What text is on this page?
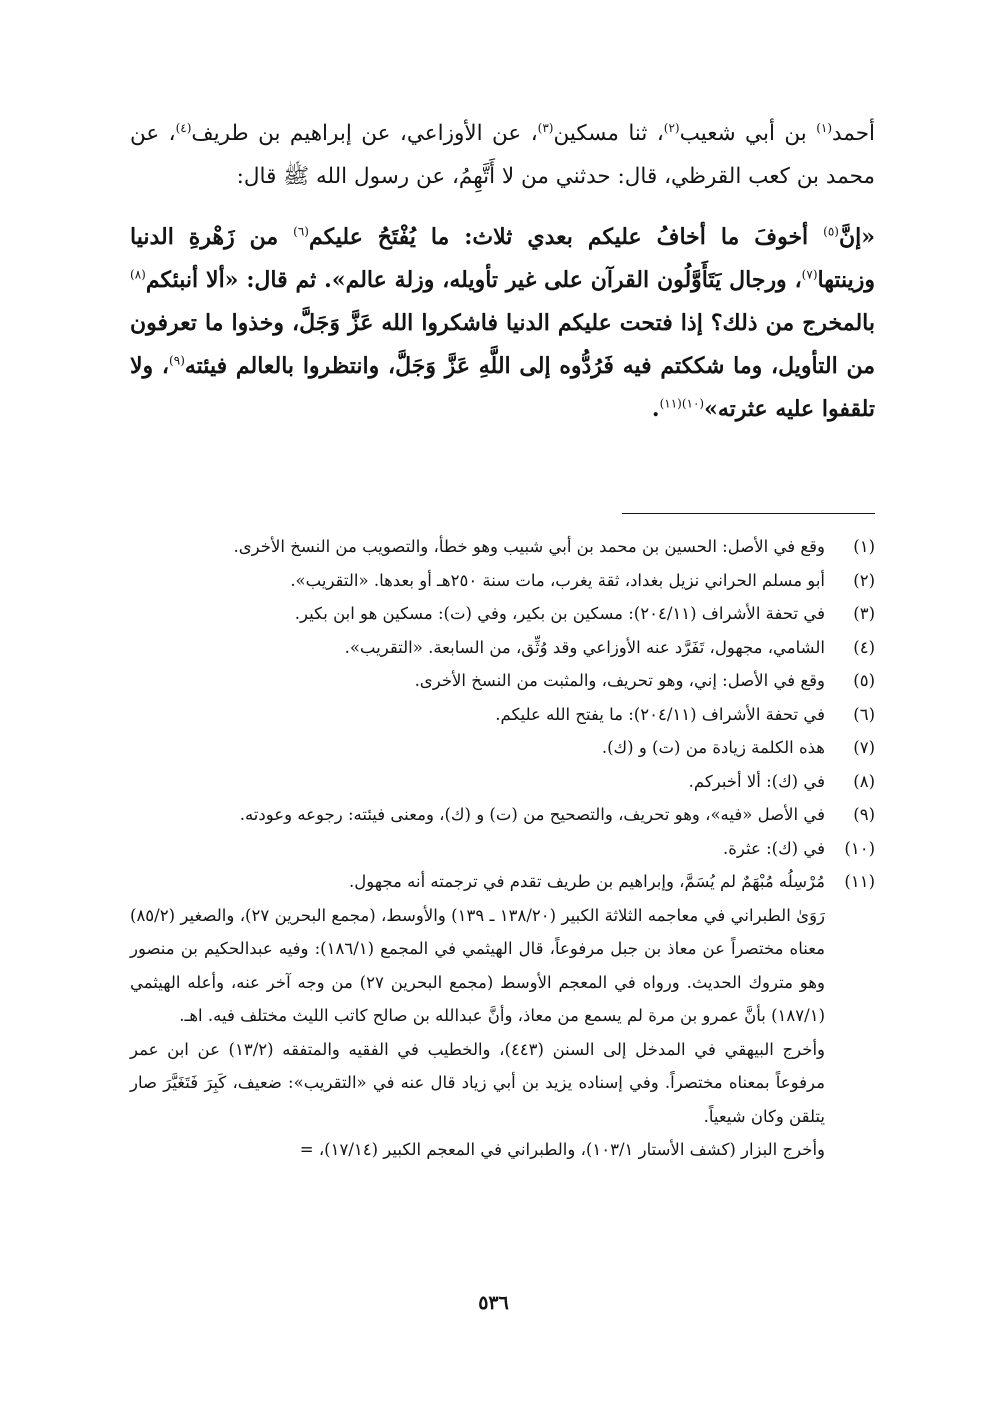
أحمد$^{(١)}$ بن أبي شعيب$^{(٢)}$، ثنا مسكين$^{(٣)}$، عن الأوزاعي، عن إبراهيم بن طريف$^{(٤)}$، عن محمد بن كعب القرظي، قال: حدثني من لا أَتَّهِمُ، عن رسول الله ﷺ قال:

«إنَّ$^{(٥)}$ أخوفَ ما أخافُ عليكم بعدي ثلاث: ما يُفْتَحُ عليكم$^{(٦)}$ من زَهْرةِ الدنيا وزينتها$^{(٧)}$، ورجال يَتَأَوَّلُون القرآن على غير تأويله، وزلة عالم». ثم قال: «ألا أنبئكم$^{(٨)}$ بالمخرج من ذلك؟ إذا فتحت عليكم الدنيا فاشكروا الله عَزَّ وَجَلَّ، وخذوا ما تعرفون من التأويل، وما شككتم فيه فَرُدُّوه إلى اللَّهِ عَزَّ وَجَلَّ، وانتظروا بالعالم فيئته$^{(٩)}$، ولا تلقفوا عليه عثرته»$^{(١٠)(١١)}$.

(١)
وقع في الأصل: الحسين بن محمد بن أبي شبيب وهو خطأ، والتصويب من النسخ الأخرى.
(٢)
أبو مسلم الحراني نزيل بغداد، ثقة يغرب، مات سنة ٢٥٠هـ أو بعدها. «التقريب».
(٣)
في تحفة الأشراف (٢٠٤/١١): مسكين بن بكير، وفي (ت): مسكين هو ابن بكير.
(٤)
الشامي، مجهول، تَفَرَّد عنه الأوزاعي وقد وُثِّق، من السابعة. «التقريب».
(٥)
وقع في الأصل: إني، وهو تحريف، والمثبت من النسخ الأخرى.
(٦)
في تحفة الأشراف (٢٠٤/١١): ما يفتح الله عليكم.
(٧)
هذه الكلمة زيادة من (ت) و (ك).
(٨)
في (ك): ألا أخبركم.
(٩)
في الأصل «فيه»، وهو تحريف، والتصحيح من (ت) و (ك)، ومعنى فيئته: رجوعه وعودته.
(١٠)
في (ك): عثرة.
(١١)
مُرْسِلُه مُبْهَمٌ لم يُسَمَّ، وإبراهيم بن طريف تقدم في ترجمته أنه مجهول.
رَوَىٰ الطبراني في معاجمه الثلاثة الكبير (١٣٨/٢٠ ـ ١٣٩) والأوسط، (مجمع البحرين ٢٧)، والصغير (٨٥/٢) معناه مختصراً عن معاذ بن جبل مرفوعاً، قال الهيثمي في المجمع (١٨٦/١): وفيه عبدالحكيم بن منصور وهو متروك الحديث. ورواه في المعجم الأوسط (مجمع البحرين ٢٧) من وجه آخر عنه، وأعله الهيثمي (١٨٧/١) بأنَّ عمرو بن مرة لم يسمع من معاذ، وأنَّ عبدالله بن صالح كاتب الليث مختلف فيه. اهـ.
وأخرج البيهقي في المدخل إلى السنن (٤٤٣)، والخطيب في الفقيه والمتفقه (١٣/٢) عن ابن عمر مرفوعاً بمعناه مختصراً. وفي إسناده يزيد بن أبي زياد قال عنه في «التقريب»: ضعيف، كَبِرَ فَتَغَيَّرَ صار يتلقن وكان شيعياً.
وأخرج البزار (كشف الأستار ١٠٣/١)، والطبراني في المعجم الكبير (١٧/١٤)، =
٥٣٦
